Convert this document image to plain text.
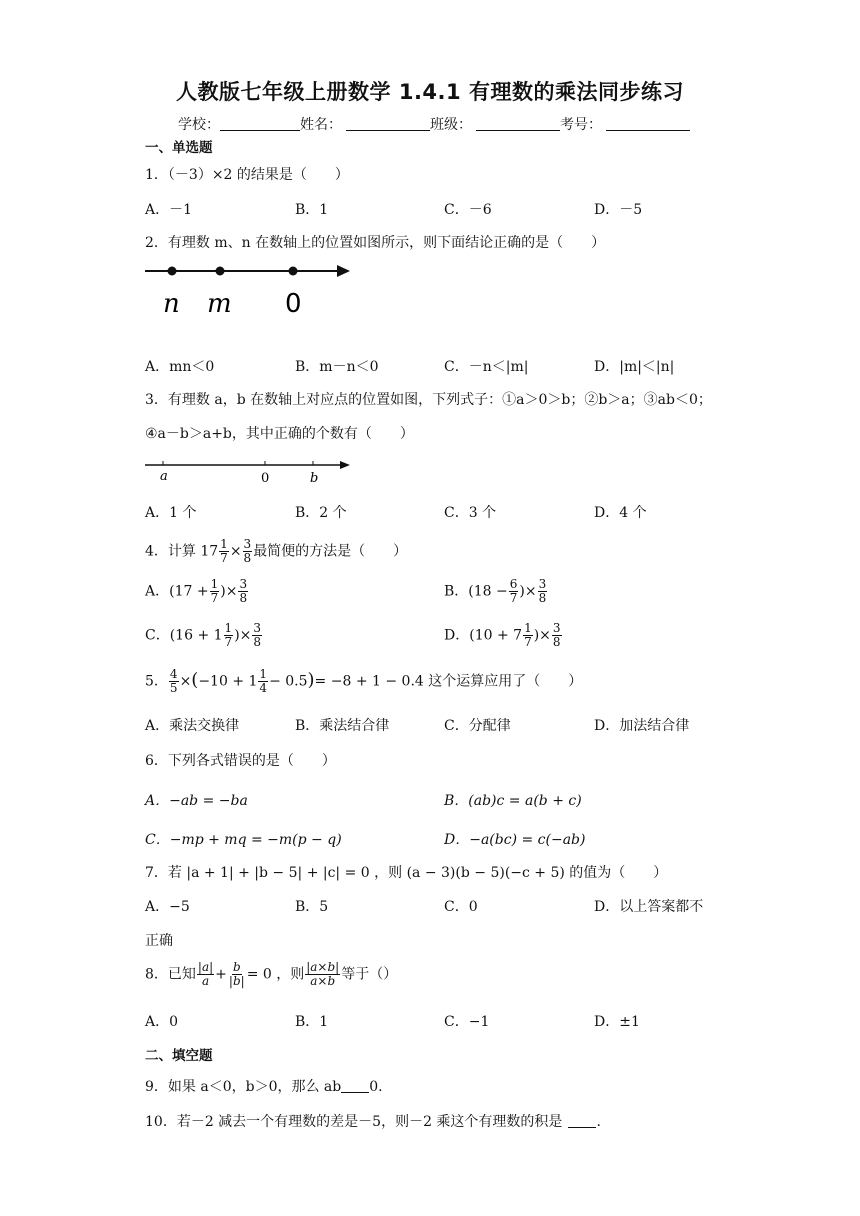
人教版七年级上册数学 1.4.1 有理数的乘法同步练习
学校：	姓名：	班级：	考号：
一、单选题
1．（－3）×2 的结果是（　　）
A．－1	B．1	C．－6	D．－5
2．有理数 m、n 在数轴上的位置如图所示，则下面结论正确的是（　　）
n m 0
A．mn＜0	B．m－n＜0	C．－n＜|m|	D．|m|＜|n|
3．有理数 a，b 在数轴上对应点的位置如图，下列式子：①a＞0＞b；②b＞a；③ab＜0；
④a－b＞a+b，其中正确的个数有（　　）
a	0	b
A．1 个	B．2 个	C．3 个	D．4 个
4．计算 $17 \frac{1}{7} \times \frac{3}{8}$ 最简便的方法是（　　）
A．($17 + \frac{1}{7}$ )× $\frac{3}{8}$	B．($18 - \frac{6}{7}$ )× $\frac{3}{8}$
C．($16 + 1 \frac{1}{7}$ )× $\frac{3}{8}$	D．($10 + 7 \frac{1}{7}$ )× $\frac{3}{8}$
5． $\frac{4}{5} \times(-10 + 1 \frac{1}{4} - 0.5)= -8 + 1 - 0.4$ 这个运算应用了（　　）
A．乘法交换律	B．乘法结合律	C．分配律	D．加法结合律
6．下列各式错误的是（　　）
A．−ab = −ba	B．(ab)c = a(b + c)
C．−mp + mq = −m(p − q)	D．−a(bc) = c(−ab)
7．若 |a + 1| + |b − 5| + |c| = 0 ，则 (a − 3)(b − 5)(−c + 5) 的值为（　　）
A．−5	B．5	C．0	D．以上答案都不
正确
8．已知 $\frac{|a|}{a} + \frac{b}{|b|} = 0$ ，则 $\frac{|a\times b|}{a\times b}$ 等于（）
A．0	B．1	C．−1	D．±1
二、填空题
9．如果 a＜0，b＞0，那么 ab 0.
10．若－2 减去一个有理数的差是－5，则－2 乘这个有理数的积是 .
